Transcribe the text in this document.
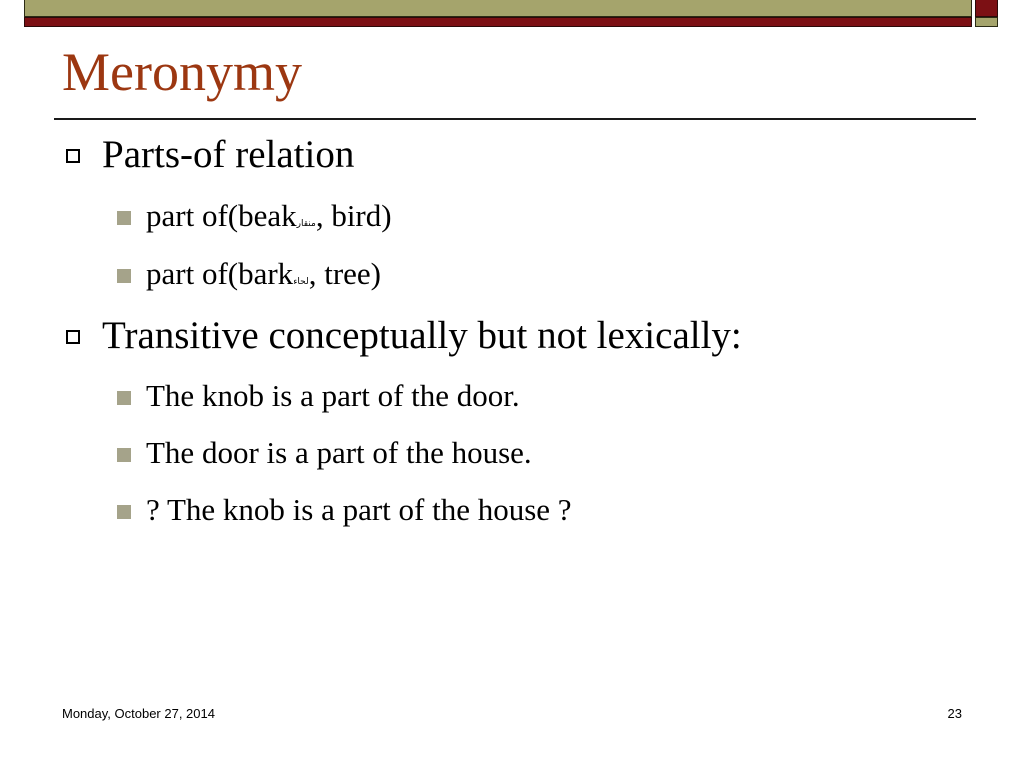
Meronymy
Parts-of relation
part of(beakمنقار, bird)
part of(barkلحاء, tree)
Transitive conceptually but not lexically:
The knob is a part of the door.
The door is a part of the house.
? The knob is a part of the house ?
Monday, October 27, 2014	23
